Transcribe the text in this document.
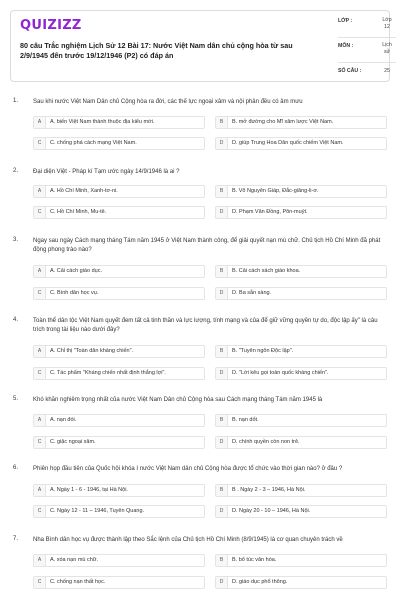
QUIZIZZ
80 câu Trắc nghiệm Lịch Sử 12 Bài 17: Nước Việt Nam dân chủ cộng hòa từ sau 2/9/1945 đến trước 19/12/1946 (P2) có đáp án
LỚP :	Lớp 12
MÔN :	Lịch sử
SỐ CÂU :	25
1. Sau khi nước Việt Nam Dân chủ Cộng hòa ra đời, các thế lực ngoại xâm và nội phản đều có âm mưu
A	A. biến Việt Nam thành thuộc địa kiểu mới.	B	B. mở đường cho Mĩ xâm lược Việt Nam.
C	C. chống phá cách mạng Việt Nam.	D	D. giúp Trung Hoa Dân quốc chiếm Việt Nam.
2. Đại diện Việt - Pháp kí Tạm ước ngày 14/9/1946 là ai ?
A	A. Hồ Chí Minh, Xanh-tơ-ni.	B	B. Võ Nguyên Giáp, Đắc-giăng-li-ơ.
C	C. Hồ Chí Minh, Mu-tê.	D	D. Phạm Văn Đồng, Pôn-muýt.
3. Ngay sau ngày Cách mạng tháng Tám năm 1945 ở Việt Nam thành công, để giải quyết nạn mù chữ. Chủ tịch Hồ Chí Minh đã phát động phong trào nào?
A	A. Cải cách giáo dục.	B	B. Cải cách sách giáo khoa.
C	C. Bình dân học vụ.	D	D. Ba sẵn sàng.
4. Toàn thể dân tộc Việt Nam quyết đem tất cả tinh thần và lực lượng, tính mạng và của để giữ vững quyền tự do, độc lập ấy" là câu trích trong tài liệu nào dưới đây?
A	A. Chỉ thị "Toàn dân kháng chiến".	B	B. "Tuyên ngôn Độc lập".
C	C. Tác phẩm "Kháng chiến nhất định thắng lợi".	D	D. "Lời kêu gọi toàn quốc kháng chiến".
5. Khó khăn nghiêm trọng nhất của nước Việt Nam Dân chủ Cộng hòa sau Cách mạng tháng Tám năm 1945 là
A	A. nạn đói.	B	B. nạn dốt.
C	C. giặc ngoại xâm.	D	D. chính quyền còn non trẻ.
6. Phiên họp đầu tiên của Quốc hội khóa I nước Việt Nam dân chủ Cộng hòa được tổ chức vào thời gian nào? ở đâu ?
A	A. Ngày 1 - 6 - 1946, tại Hà Nội.	B	B . Ngày 2 - 3 – 1946, Hà Nội.
C	C. Ngày 12 - 11 – 1946, Tuyên Quang.	D	D. Ngày 20 - 10 – 1946, Hà Nội.
7. Nha Bình dân học vụ được thành lập theo Sắc lệnh của Chủ tịch Hồ Chí Minh (8/9/1945) là cơ quan chuyên trách về
A	A. xóa nạn mù chữ.	B	B. bổ túc văn hóa.
C	C. chống nạn thất học.	D	D. giáo dục phổ thông.
